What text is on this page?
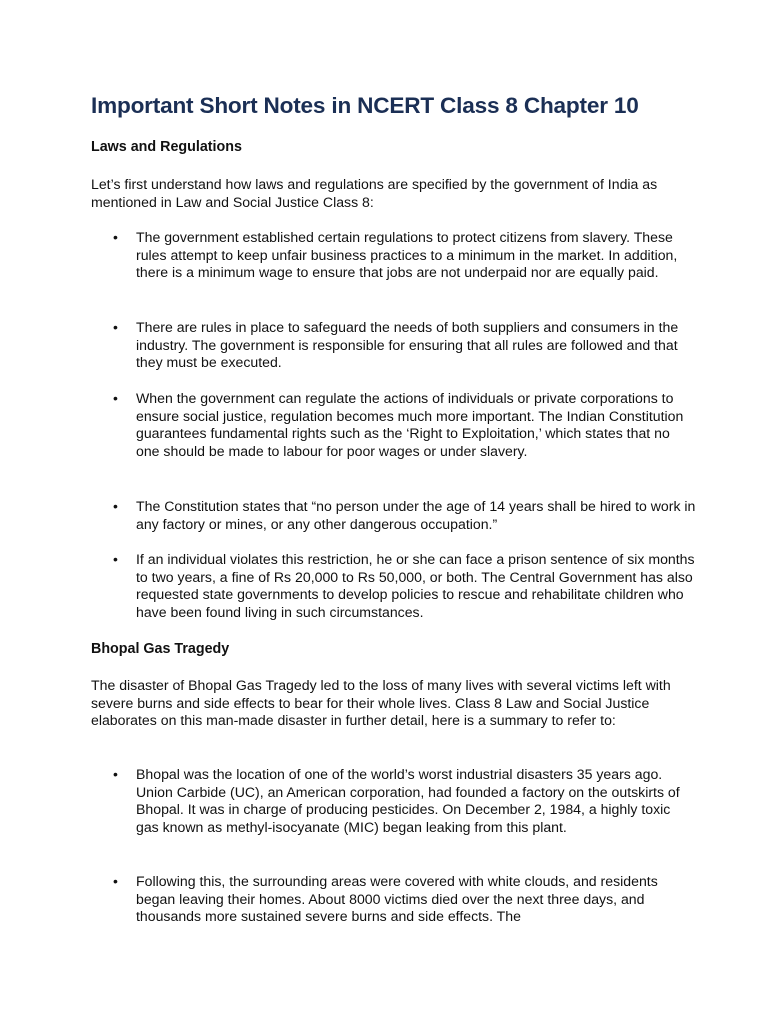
Important Short Notes in NCERT Class 8 Chapter 10
Laws and Regulations

Let’s first understand how laws and regulations are specified by the government of India as mentioned in Law and Social Justice Class 8:

• The government established certain regulations to protect citizens from slavery. These rules attempt to keep unfair business practices to a minimum in the market. In addition, there is a minimum wage to ensure that jobs are not underpaid nor are equally paid.

• There are rules in place to safeguard the needs of both suppliers and consumers in the industry. The government is responsible for ensuring that all rules are followed and that they must be executed.

• When the government can regulate the actions of individuals or private corporations to ensure social justice, regulation becomes much more important. The Indian Constitution guarantees fundamental rights such as the ‘Right to Exploitation,’ which states that no one should be made to labour for poor wages or under slavery.

• The Constitution states that “no person under the age of 14 years shall be hired to work in any factory or mines, or any other dangerous occupation.”

• If an individual violates this restriction, he or she can face a prison sentence of six months to two years, a fine of Rs 20,000 to Rs 50,000, or both. The Central Government has also requested state governments to develop policies to rescue and rehabilitate children who have been found living in such circumstances.

Bhopal Gas Tragedy

The disaster of Bhopal Gas Tragedy led to the loss of many lives with several victims left with severe burns and side effects to bear for their whole lives. Class 8 Law and Social Justice elaborates on this man-made disaster in further detail, here is a summary to refer to:

• Bhopal was the location of one of the world’s worst industrial disasters 35 years ago. Union Carbide (UC), an American corporation, had founded a factory on the outskirts of Bhopal. It was in charge of producing pesticides. On December 2, 1984, a highly toxic gas known as methyl-isocyanate (MIC) began leaking from this plant.

• Following this, the surrounding areas were covered with white clouds, and residents began leaving their homes. About 8000 victims died over the next three days, and thousands more sustained severe burns and side effects. The
